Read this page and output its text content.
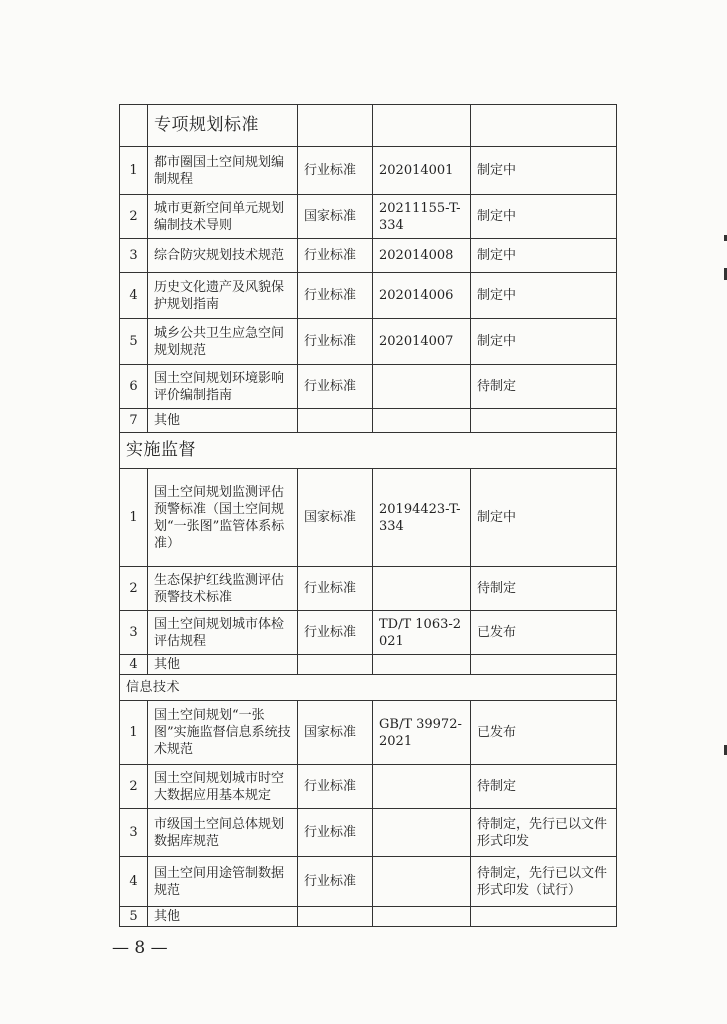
	专项规划标准			
1	都市圈国土空间规划编制规程	行业标准	202014001	制定中
2	城市更新空间单元规划编制技术导则	国家标准	20211155-T-334	制定中
3	综合防灾规划技术规范	行业标准	202014008	制定中
4	历史文化遗产及风貌保护规划指南	行业标准	202014006	制定中
5	城乡公共卫生应急空间规划规范	行业标准	202014007	制定中
6	国土空间规划环境影响评价编制指南	行业标准		待制定
7	其他			
实施监督				
1	国土空间规划监测评估预警标准（国土空间规划“一张图”监管体系标准）	国家标准	20194423-T-334	制定中
2	生态保护红线监测评估预警技术标准	行业标准		待制定
3	国土空间规划城市体检评估规程	行业标准	TD/T 1063-2021	已发布
4	其他			
信息技术				
1	国土空间规划“一张图”实施监督信息系统技术规范	国家标准	GB/T 39972-2021	已发布
2	国土空间规划城市时空大数据应用基本规定	行业标准		待制定
3	市级国土空间总体规划数据库规范	行业标准		待制定，先行已以文件形式印发
4	国土空间用途管制数据规范	行业标准		待制定，先行已以文件形式印发（试行）
5	其他			
— 8 —
